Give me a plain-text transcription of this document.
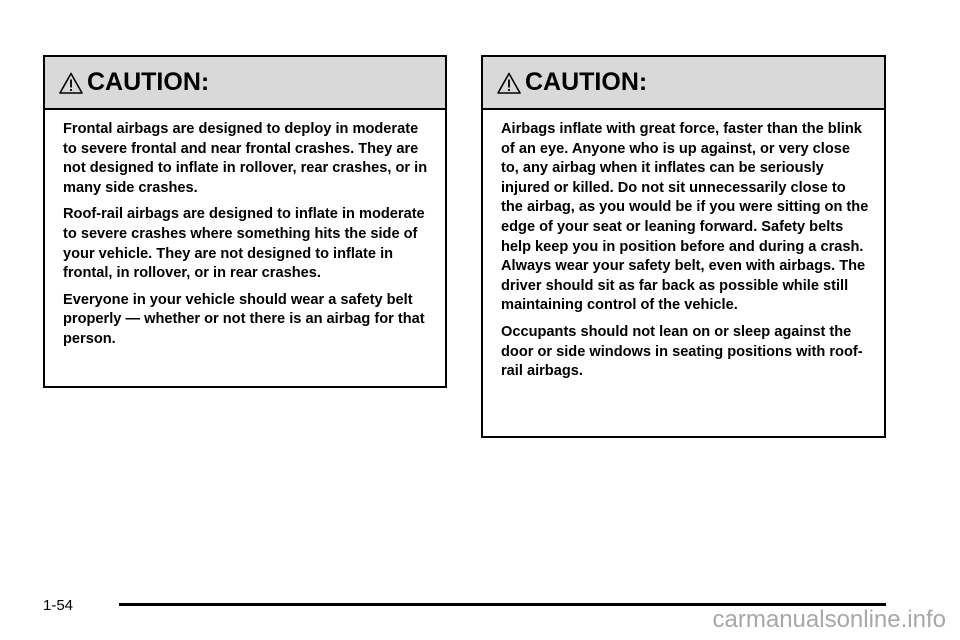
CAUTION:

Frontal airbags are designed to deploy in moderate to severe frontal and near frontal crashes. They are not designed to inflate in rollover, rear crashes, or in many side crashes.

Roof-rail airbags are designed to inflate in moderate to severe crashes where something hits the side of your vehicle. They are not designed to inflate in frontal, in rollover, or in rear crashes.

Everyone in your vehicle should wear a safety belt properly — whether or not there is an airbag for that person.

CAUTION:

Airbags inflate with great force, faster than the blink of an eye. Anyone who is up against, or very close to, any airbag when it inflates can be seriously injured or killed. Do not sit unnecessarily close to the airbag, as you would be if you were sitting on the edge of your seat or leaning forward. Safety belts help keep you in position before and during a crash. Always wear your safety belt, even with airbags. The driver should sit as far back as possible while still maintaining control of the vehicle.

Occupants should not lean on or sleep against the door or side windows in seating positions with roof-rail airbags.

1-54
carmanualsonline.info
